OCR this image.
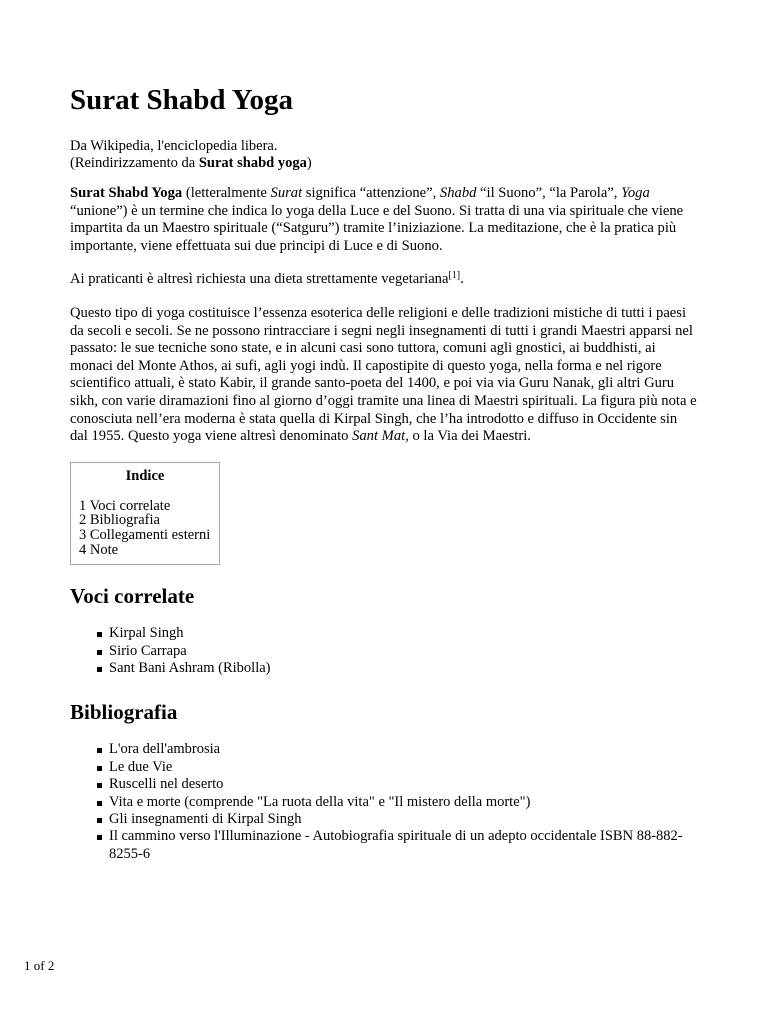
Surat Shabd Yoga
Da Wikipedia, l'enciclopedia libera.
(Reindirizzamento da Surat shabd yoga)

Surat Shabd Yoga (letteralmente Surat significa “attenzione”, Shabd “il Suono”, “la Parola”, Yoga “unione”) è un termine che indica lo yoga della Luce e del Suono. Si tratta di una via spirituale che viene impartita da un Maestro spirituale (“Satguru”) tramite l’iniziazione. La meditazione, che è la pratica più importante, viene effettuata sui due principi di Luce e di Suono.

Ai praticanti è altresì richiesta una dieta strettamente vegetariana[1].

Questo tipo di yoga costituisce l’essenza esoterica delle religioni e delle tradizioni mistiche di tutti i paesi da secoli e secoli. Se ne possono rintracciare i segni negli insegnamenti di tutti i grandi Maestri apparsi nel passato: le sue tecniche sono state, e in alcuni casi sono tuttora, comuni agli gnostici, ai buddhisti, ai monaci del Monte Athos, ai sufi, agli yogi indù. Il capostipite di questo yoga, nella forma e nel rigore scientifico attuali, è stato Kabir, il grande santo-poeta del 1400, e poi via via Guru Nanak, gli altri Guru sikh, con varie diramazioni fino al giorno d’oggi tramite una linea di Maestri spirituali. La figura più nota e conosciuta nell’era moderna è stata quella di Kirpal Singh, che l’ha introdotto e diffuso in Occidente sin dal 1955. Questo yoga viene altresì denominato Sant Mat, o la Via dei Maestri.

Indice
1 Voci correlate
2 Bibliografia
3 Collegamenti esterni
4 Note
Voci correlate
Kirpal Singh
Sirio Carrapa
Sant Bani Ashram (Ribolla)
Bibliografia
L'ora dell'ambrosia
Le due Vie
Ruscelli nel deserto
Vita e morte (comprende "La ruota della vita" e "Il mistero della morte")
Gli insegnamenti di Kirpal Singh
Il cammino verso l'Illuminazione - Autobiografia spirituale di un adepto occidentale ISBN 88-882-8255-6
1 of 2
